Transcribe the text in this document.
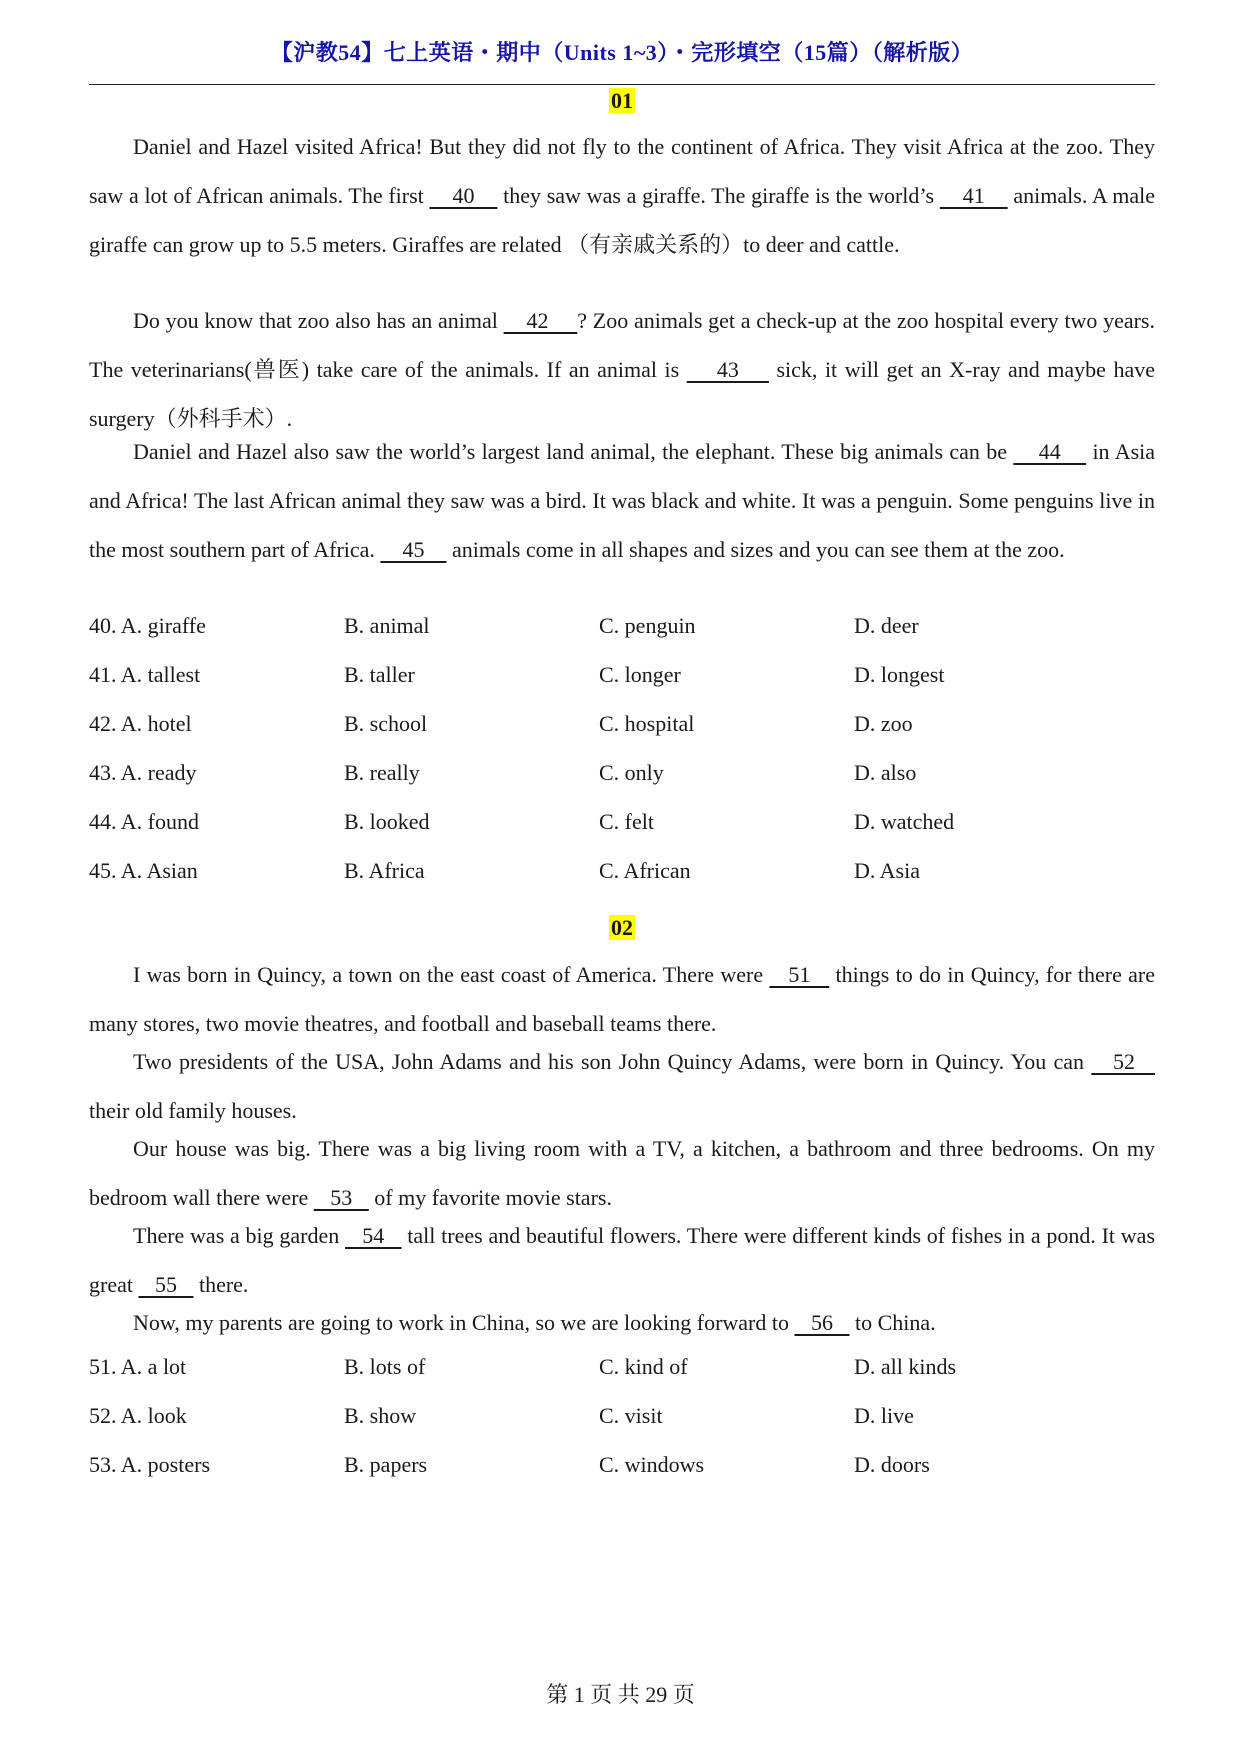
【沪教54】七上英语・期中（Units 1~3）・完形填空（15篇）（解析版）
01
Daniel and Hazel visited Africa! But they did not fly to the continent of Africa. They visit Africa at the zoo. They saw a lot of African animals. The first     40     they saw was a giraffe. The giraffe is the world’s     41     animals. A male giraffe can grow up to 5.5 meters. Giraffes are related （有亲戚关系的）to deer and cattle.
Do you know that zoo also has an animal     42     ? Zoo animals get a check-up at the zoo hospital every two years. The veterinarians(兽医) take care of the animals. If an animal is     43     sick, it will get an X-ray and maybe have surgery（外科手术）.
Daniel and Hazel also saw the world’s largest land animal, the elephant. These big animals can be     44     in Asia and Africa! The last African animal they saw was a bird. It was black and white. It was a penguin. Some penguins live in the most southern part of Africa.     45     animals come in all shapes and sizes and you can see them at the zoo.
40. A. giraffe	B. animal	C. penguin	D. deer
41. A. tallest	B. taller	C. longer	D. longest
42. A. hotel	B. school	C. hospital	D. zoo
43. A. ready	B. really	C. only	D. also
44. A. found	B. looked	C. felt	D. watched
45. A. Asian	B. Africa	C. African	D. Asia
02
I was born in Quincy, a town on the east coast of America. There were    51    things to do in Quincy, for there are many stores, two movie theatres, and football and baseball teams there.
Two presidents of the USA, John Adams and his son John Quincy Adams, were born in Quincy. You can    52    their old family houses.
Our house was big. There was a big living room with a TV, a kitchen, a bathroom and three bedrooms. On my bedroom wall there were    53    of my favorite movie stars.
There was a big garden    54    tall trees and beautiful flowers. There were different kinds of fishes in a pond. It was great    55    there.
Now, my parents are going to work in China, so we are looking forward to    56    to China.
51. A. a lot	B. lots of	C. kind of	D. all kinds
52. A. look	B. show	C. visit	D. live
53. A. posters	B. papers	C. windows	D. doors
第 1 页 共 29 页
